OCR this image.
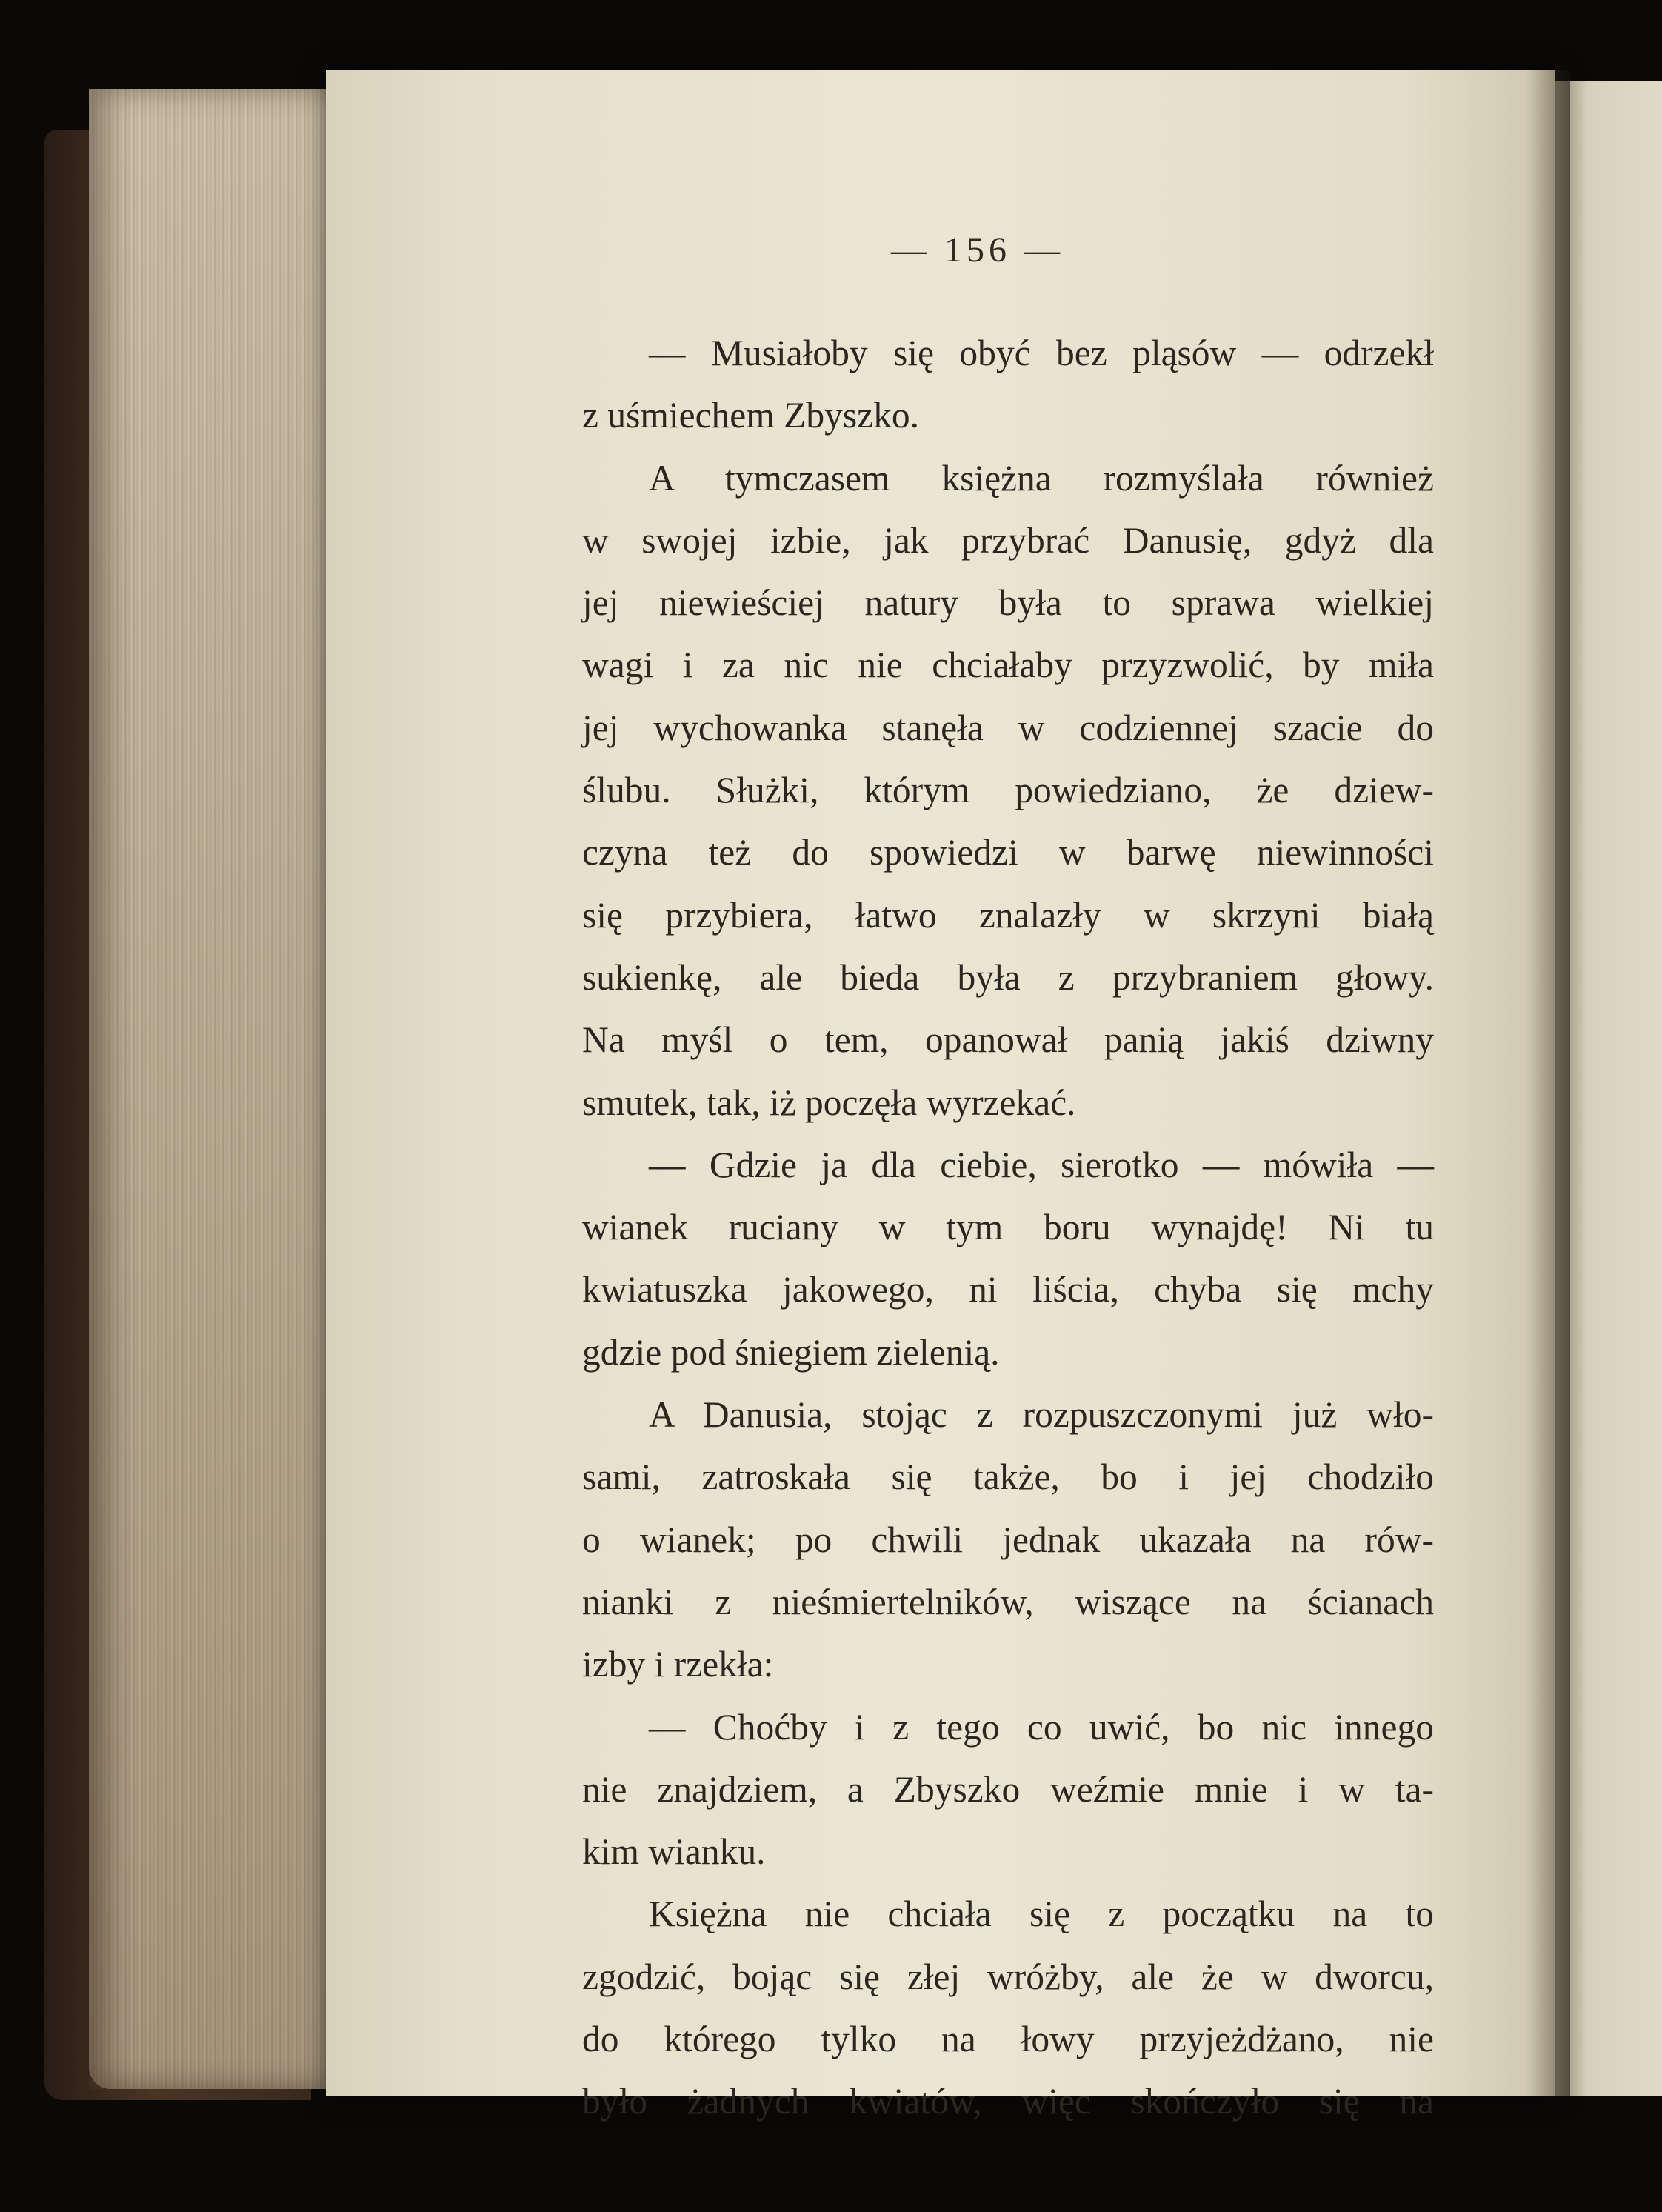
— 156 —
— Musiałoby się obyć bez pląsów — odrzekł
z uśmiechem Zbyszko.
A tymczasem księżna rozmyślała również
w swojej izbie, jak przybrać Danusię, gdyż dla
jej niewieściej natury była to sprawa wielkiej
wagi i za nic nie chciałaby przyzwolić, by miła
jej wychowanka stanęła w codziennej szacie do
ślubu. Służki, którym powiedziano, że dziew-
czyna też do spowiedzi w barwę niewinności
się przybiera, łatwo znalazły w skrzyni białą
sukienkę, ale bieda była z przybraniem głowy.
Na myśl o tem, opanował panią jakiś dziwny
smutek, tak, iż poczęła wyrzekać.
— Gdzie ja dla ciebie, sierotko — mówiła —
wianek ruciany w tym boru wynajdę! Ni tu
kwiatuszka jakowego, ni liścia, chyba się mchy
gdzie pod śniegiem zielenią.
A Danusia, stojąc z rozpuszczonymi już wło-
sami, zatroskała się także, bo i jej chodziło
o wianek; po chwili jednak ukazała na rów-
nianki z nieśmiertelników, wiszące na ścianach
izby i rzekła:
— Choćby i z tego co uwić, bo nic innego
nie znajdziem, a Zbyszko weźmie mnie i w ta-
kim wianku.
Księżna nie chciała się z początku na to
zgodzić, bojąc się złej wróżby, ale że w dworcu,
do którego tylko na łowy przyjeżdżano, nie
było żadnych kwiatów, więc skończyło się na
